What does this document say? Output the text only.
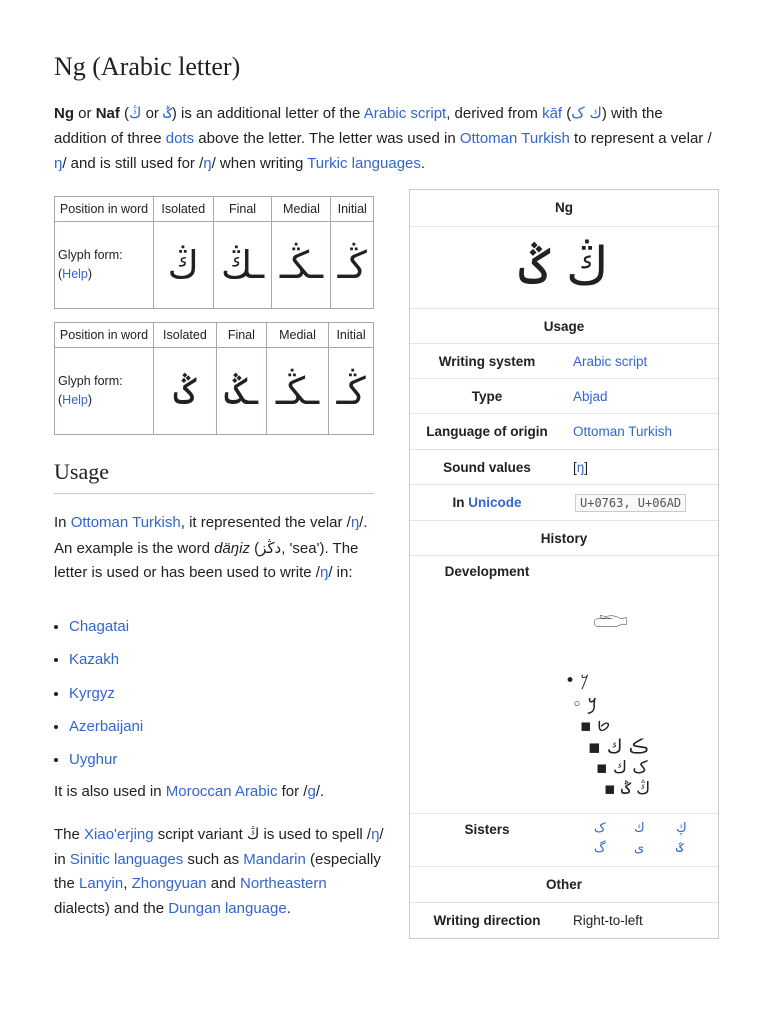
Ng (Arabic letter)

Ng or Naf (ڭ or ݣ) is an additional letter of the Arabic script, derived from kāf (ك ک) with the addition of three dots above the letter. The letter was used in Ottoman Turkish to represent a velar /ŋ/ and is still used for /ŋ/ when writing Turkic languages.

Position in word	Isolated	Final	Medial	Initial
Glyph form:
(Help)	ڭ	ـڭ	ـڭـ	ڭـ
Position in word	Isolated	Final	Medial	Initial
Glyph form:
(Help)	ݣ	ـݣ	ـڭـ	ڭـ
Usage

In Ottoman Turkish, it represented the velar /ŋ/. An example is the word däŋiz (دڭز, 'sea'). The letter is used or has been used to write /ŋ/ in:

• Chagatai
• Kazakh
• Kyrgyz
• Azerbaijani
• Uyghur

It is also used in Moroccan Arabic for /g/.

The Xiao'erjing script variant ڭ is used to spell /ŋ/ in Sinitic languages such as Mandarin (especially the Lanyin, Zhongyuan and Northeastern dialects) and the Dungan language.

Ng
ڭ ݣ
Usage
Writing system	Arabic script
Type	Abjad
Language of origin	Ottoman Turkish
Sound values	[ŋ]
In Unicode	U+0763, U+06AD
History
Development
𓂧
• 𐤊
◦ 𐡊
▪ 𐢋
▪ ڪ ك
▪ ک ك
▪ ڭ ݣ
Sisters	ک ك ڮ
گ ی ػ
Other
Writing direction	Right-to-left
